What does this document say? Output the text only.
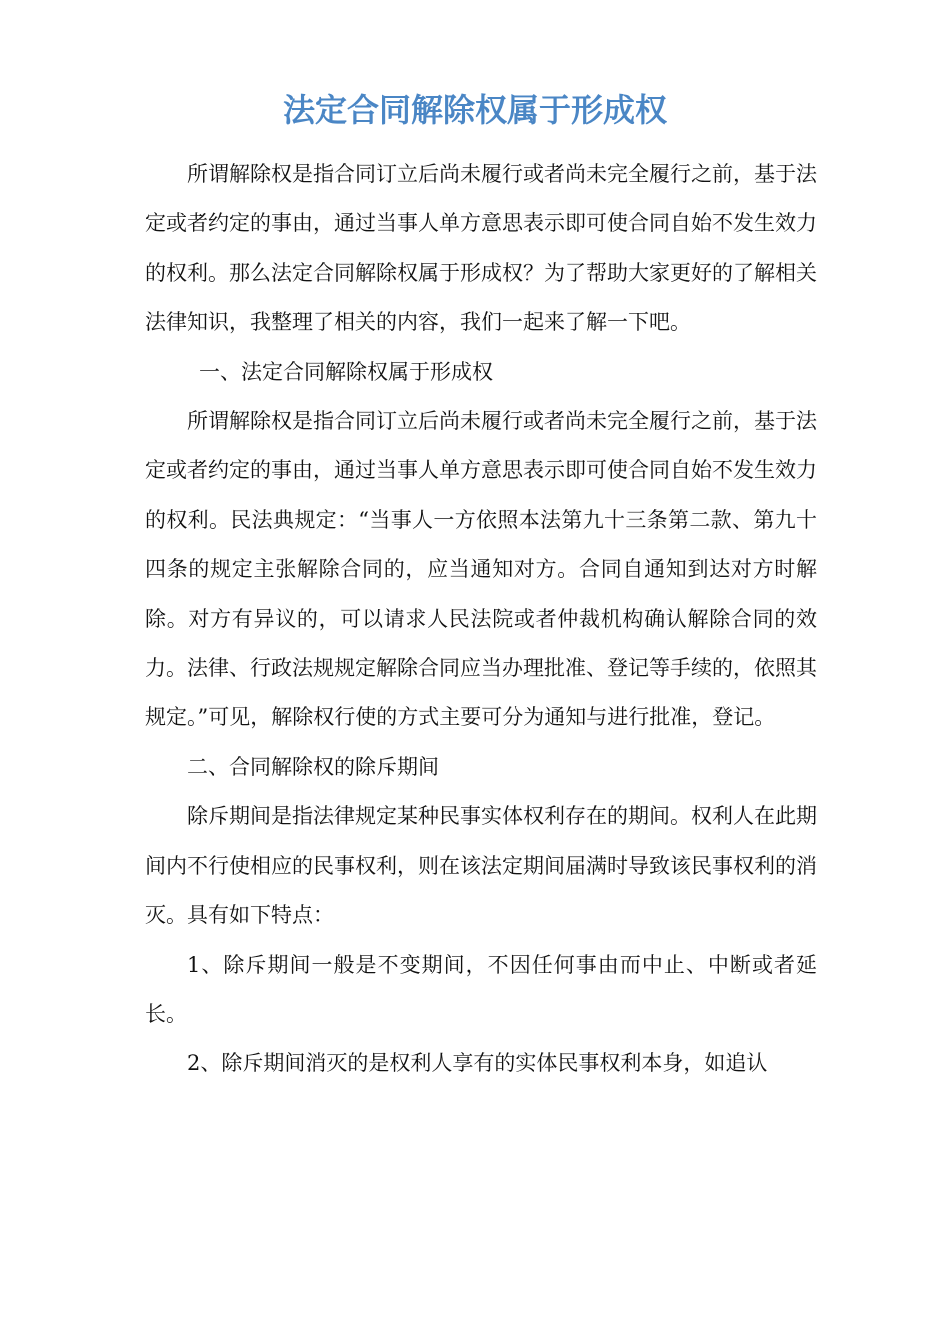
法定合同解除权属于形成权

所谓解除权是指合同订立后尚未履行或者尚未完全履行之前，基于法定或者约定的事由，通过当事人单方意思表示即可使合同自始不发生效力的权利。那么法定合同解除权属于形成权？为了帮助大家更好的了解相关法律知识，我整理了相关的内容，我们一起来了解一下吧。

一、法定合同解除权属于形成权

所谓解除权是指合同订立后尚未履行或者尚未完全履行之前，基于法定或者约定的事由，通过当事人单方意思表示即可使合同自始不发生效力的权利。民法典规定：“当事人一方依照本法第九十三条第二款、第九十四条的规定主张解除合同的，应当通知对方。合同自通知到达对方时解除。对方有异议的，可以请求人民法院或者仲裁机构确认解除合同的效力。法律、行政法规规定解除合同应当办理批准、登记等手续的，依照其规定。”可见，解除权行使的方式主要可分为通知与进行批准，登记。

二、合同解除权的除斥期间

除斥期间是指法律规定某种民事实体权利存在的期间。权利人在此期间内不行使相应的民事权利，则在该法定期间届满时导致该民事权利的消灭。具有如下特点：

1、除斥期间一般是不变期间，不因任何事由而中止、中断或者延长。

2、除斥期间消灭的是权利人享有的实体民事权利本身，如追认
